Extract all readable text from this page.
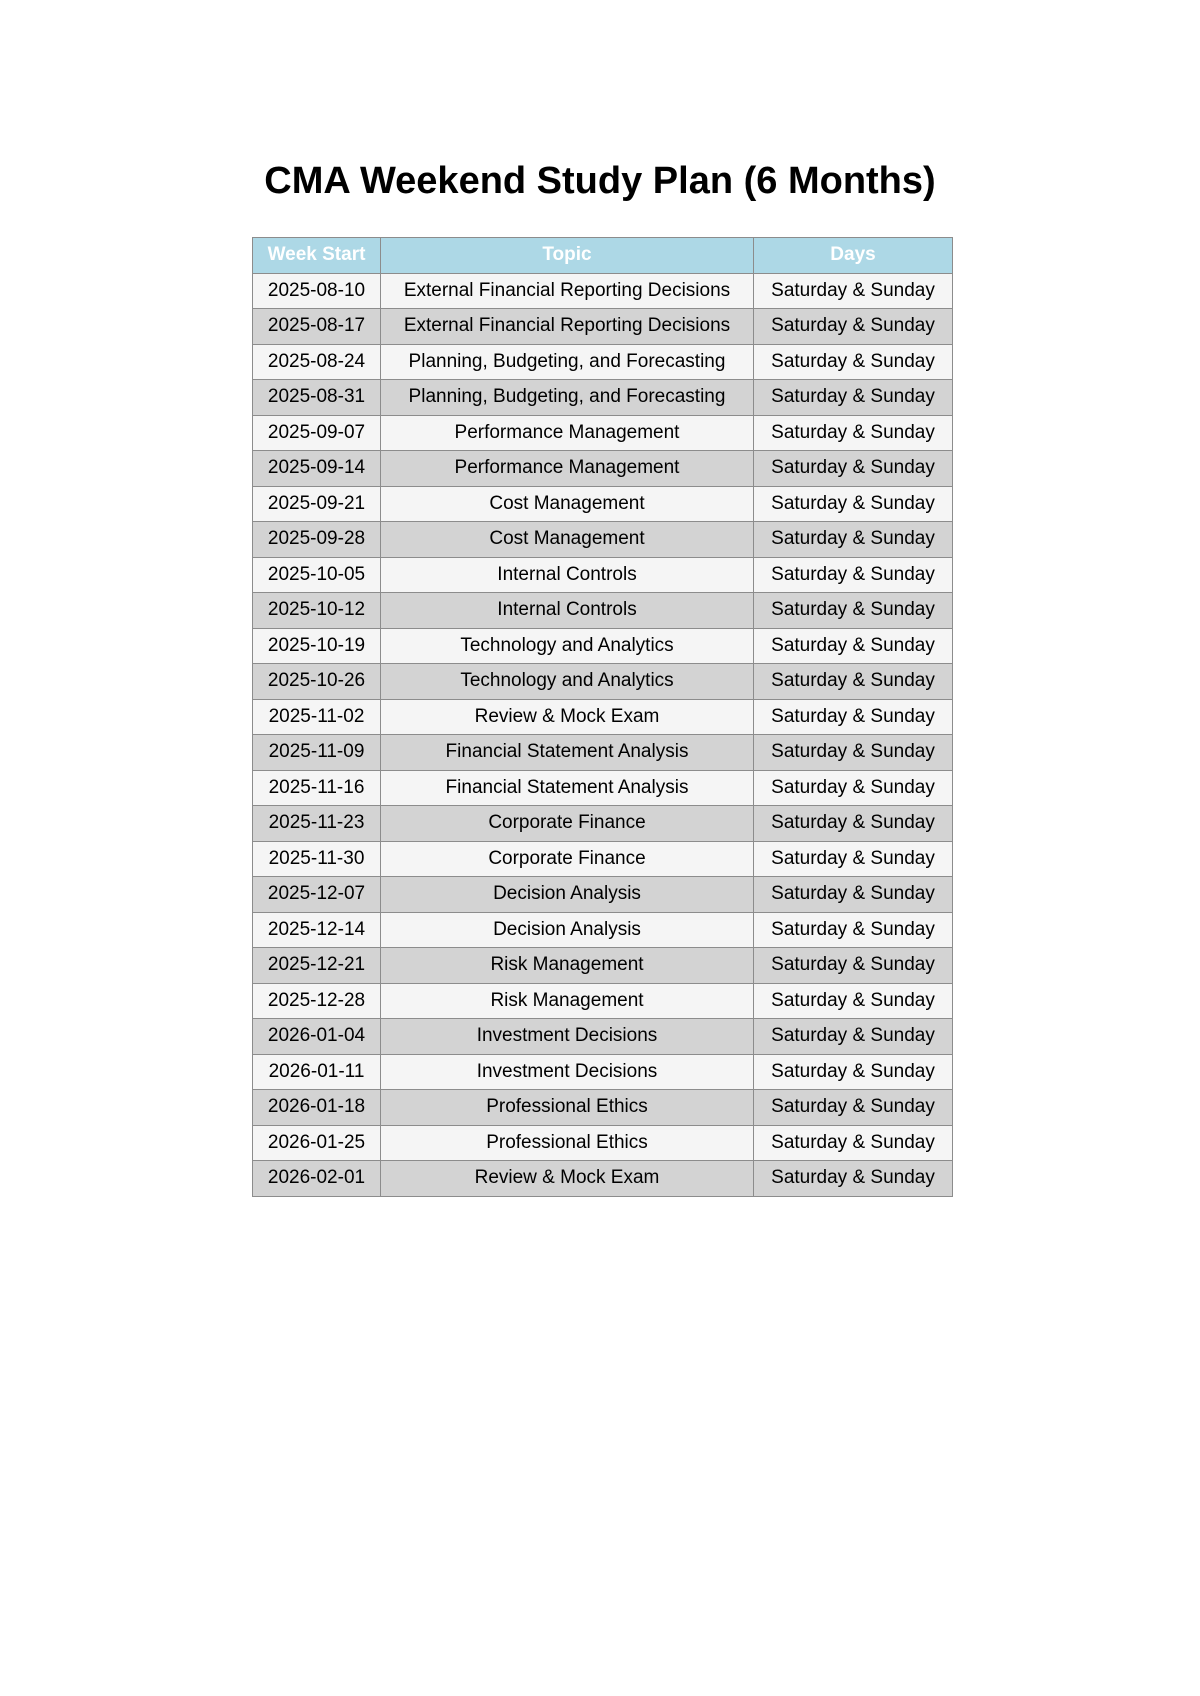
CMA Weekend Study Plan (6 Months)
Week Start	Topic	Days
2025-08-10	External Financial Reporting Decisions	Saturday & Sunday
2025-08-17	External Financial Reporting Decisions	Saturday & Sunday
2025-08-24	Planning, Budgeting, and Forecasting	Saturday & Sunday
2025-08-31	Planning, Budgeting, and Forecasting	Saturday & Sunday
2025-09-07	Performance Management	Saturday & Sunday
2025-09-14	Performance Management	Saturday & Sunday
2025-09-21	Cost Management	Saturday & Sunday
2025-09-28	Cost Management	Saturday & Sunday
2025-10-05	Internal Controls	Saturday & Sunday
2025-10-12	Internal Controls	Saturday & Sunday
2025-10-19	Technology and Analytics	Saturday & Sunday
2025-10-26	Technology and Analytics	Saturday & Sunday
2025-11-02	Review & Mock Exam	Saturday & Sunday
2025-11-09	Financial Statement Analysis	Saturday & Sunday
2025-11-16	Financial Statement Analysis	Saturday & Sunday
2025-11-23	Corporate Finance	Saturday & Sunday
2025-11-30	Corporate Finance	Saturday & Sunday
2025-12-07	Decision Analysis	Saturday & Sunday
2025-12-14	Decision Analysis	Saturday & Sunday
2025-12-21	Risk Management	Saturday & Sunday
2025-12-28	Risk Management	Saturday & Sunday
2026-01-04	Investment Decisions	Saturday & Sunday
2026-01-11	Investment Decisions	Saturday & Sunday
2026-01-18	Professional Ethics	Saturday & Sunday
2026-01-25	Professional Ethics	Saturday & Sunday
2026-02-01	Review & Mock Exam	Saturday & Sunday
